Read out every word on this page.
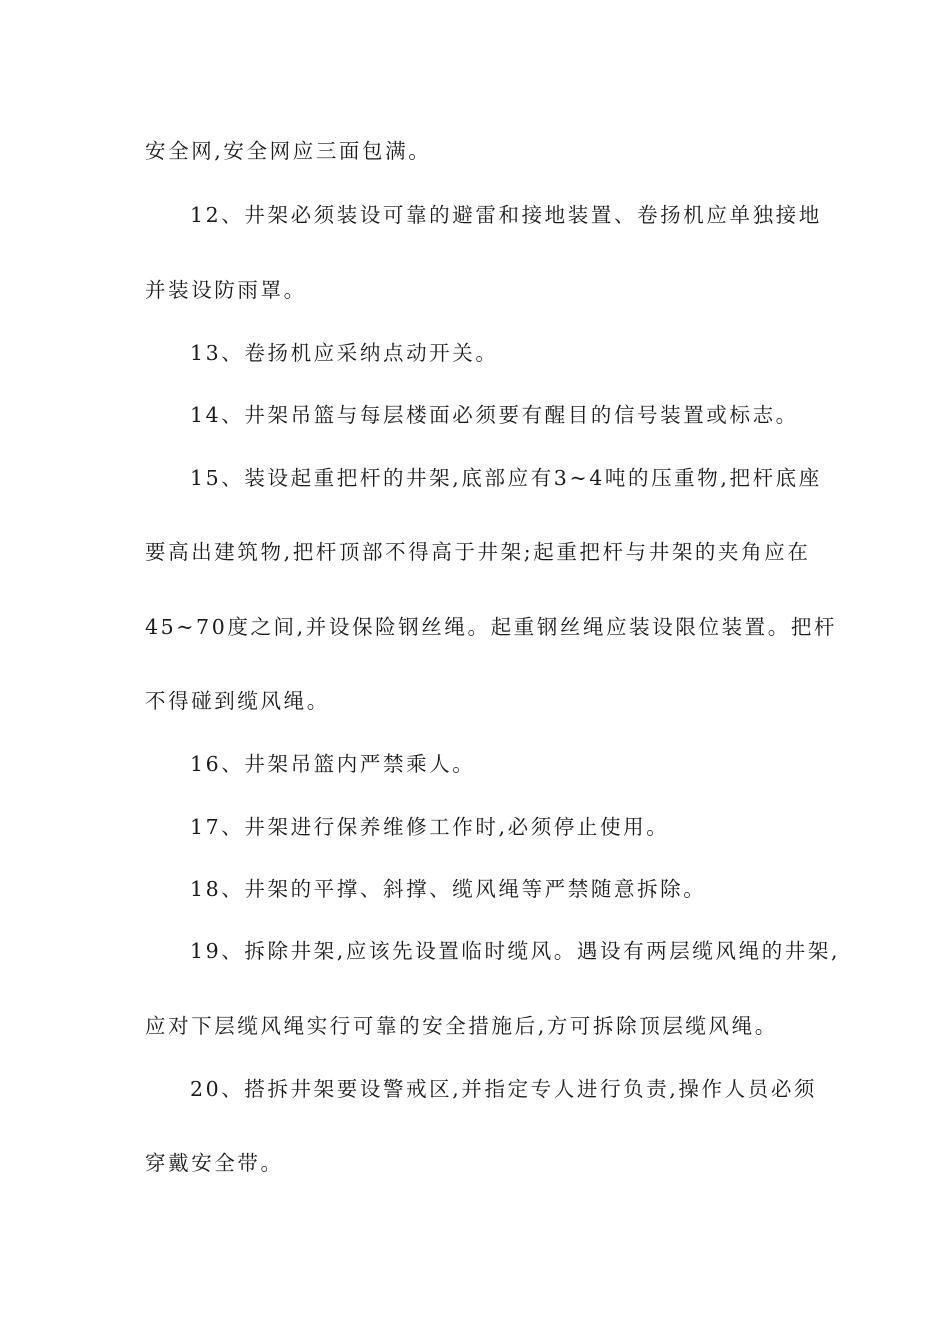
安全网,安全网应三面包满。
12、井架必须装设可靠的避雷和接地装置、卷扬机应单独接地
并装设防雨罩。
13、卷扬机应采纳点动开关。
14、井架吊篮与每层楼面必须要有醒目的信号装置或标志。
15、装设起重把杆的井架,底部应有3~4吨的压重物,把杆底座
要高出建筑物,把杆顶部不得高于井架;起重把杆与井架的夹角应在
45~70度之间,并设保险钢丝绳。起重钢丝绳应装设限位装置。把杆
不得碰到缆风绳。
16、井架吊篮内严禁乘人。
17、井架进行保养维修工作时,必须停止使用。
18、井架的平撑、斜撑、缆风绳等严禁随意拆除。
19、拆除井架,应该先设置临时缆风。遇设有两层缆风绳的井架,
应对下层缆风绳实行可靠的安全措施后,方可拆除顶层缆风绳。
20、搭拆井架要设警戒区,并指定专人进行负责,操作人员必须
穿戴安全带。
